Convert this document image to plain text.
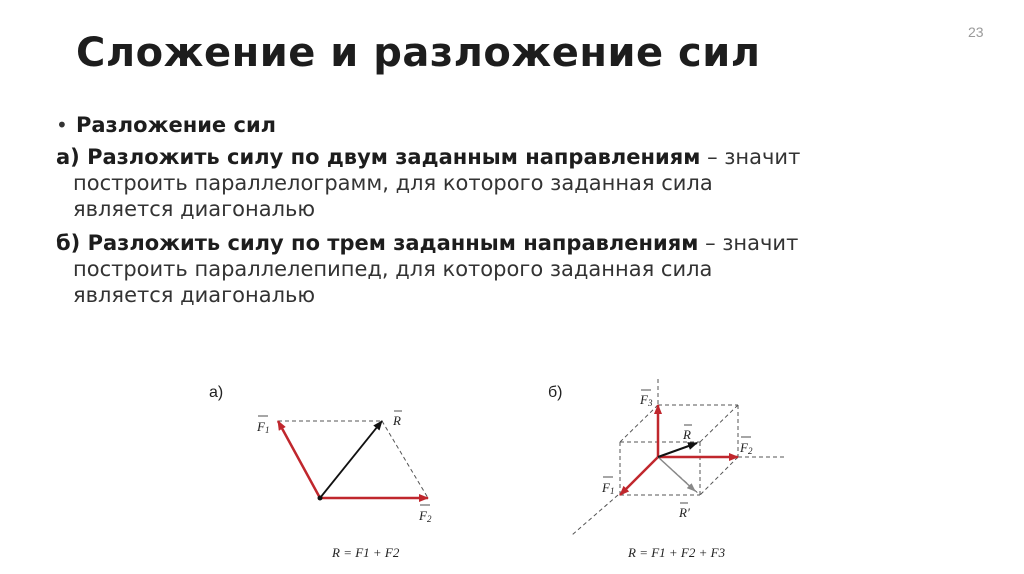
23
Сложение и разложение сил
• Разложение сил

а) Разложить силу по двум заданным направлениям – значит
построить параллелограмм, для которого заданная сила
является диагональю

б) Разложить силу по трем заданным направлениям – значит
построить параллелепипед, для которого заданная сила
является диагональю

а)
F 1
R
F 2
R = F1 + F2
б)	F 3
R
F 2
F 1
R′
R = F1 + F2 + F3
